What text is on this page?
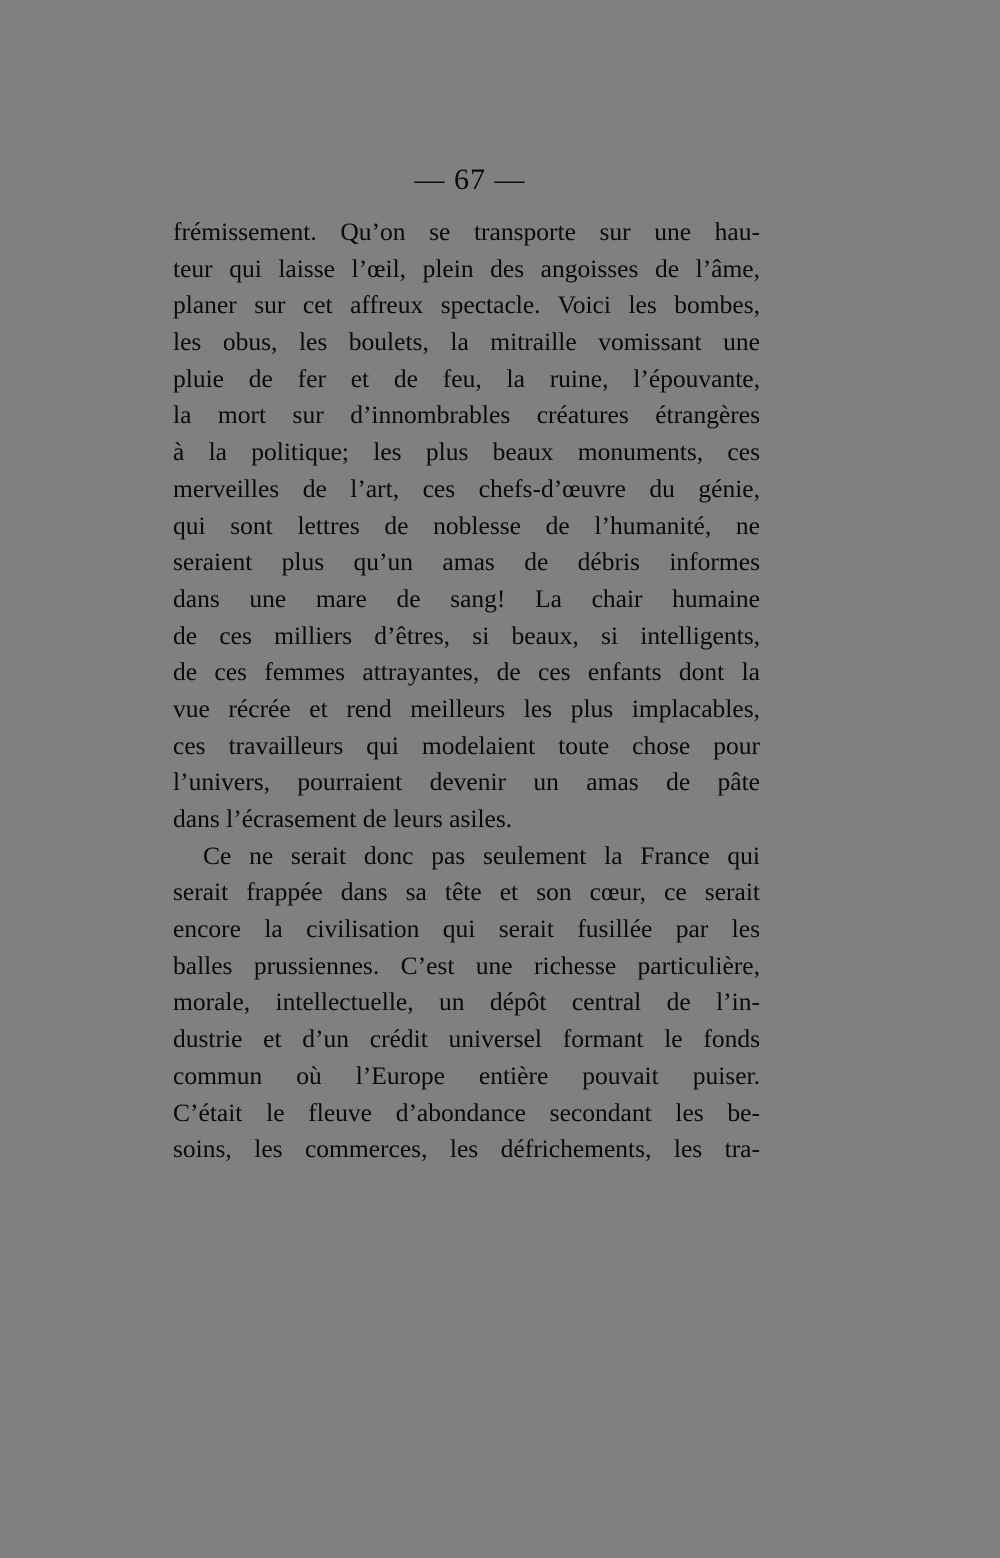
— 67 —
frémissement. Qu’on se transporte sur une hau-
teur qui laisse l’œil, plein des angoisses de l’âme,
planer sur cet affreux spectacle. Voici les bombes,
les obus, les boulets, la mitraille vomissant une
pluie de fer et de feu, la ruine, l’épouvante,
la mort sur d’innombrables créatures étrangères
à la politique; les plus beaux monuments, ces
merveilles de l’art, ces chefs-d’œuvre du génie,
qui sont lettres de noblesse de l’humanité, ne
seraient plus qu’un amas de débris informes
dans une mare de sang! La chair humaine
de ces milliers d’êtres, si beaux, si intelligents,
de ces femmes attrayantes, de ces enfants dont la
vue récrée et rend meilleurs les plus implacables,
ces travailleurs qui modelaient toute chose pour
l’univers, pourraient devenir un amas de pâte
dans l’écrasement de leurs asiles.
Ce ne serait donc pas seulement la France qui
serait frappée dans sa tête et son cœur, ce serait
encore la civilisation qui serait fusillée par les
balles prussiennes. C’est une richesse particulière,
morale, intellectuelle, un dépôt central de l’in-
dustrie et d’un crédit universel formant le fonds
commun où l’Europe entière pouvait puiser.
C’était le fleuve d’abondance secondant les be-
soins, les commerces, les défrichements, les tra-
